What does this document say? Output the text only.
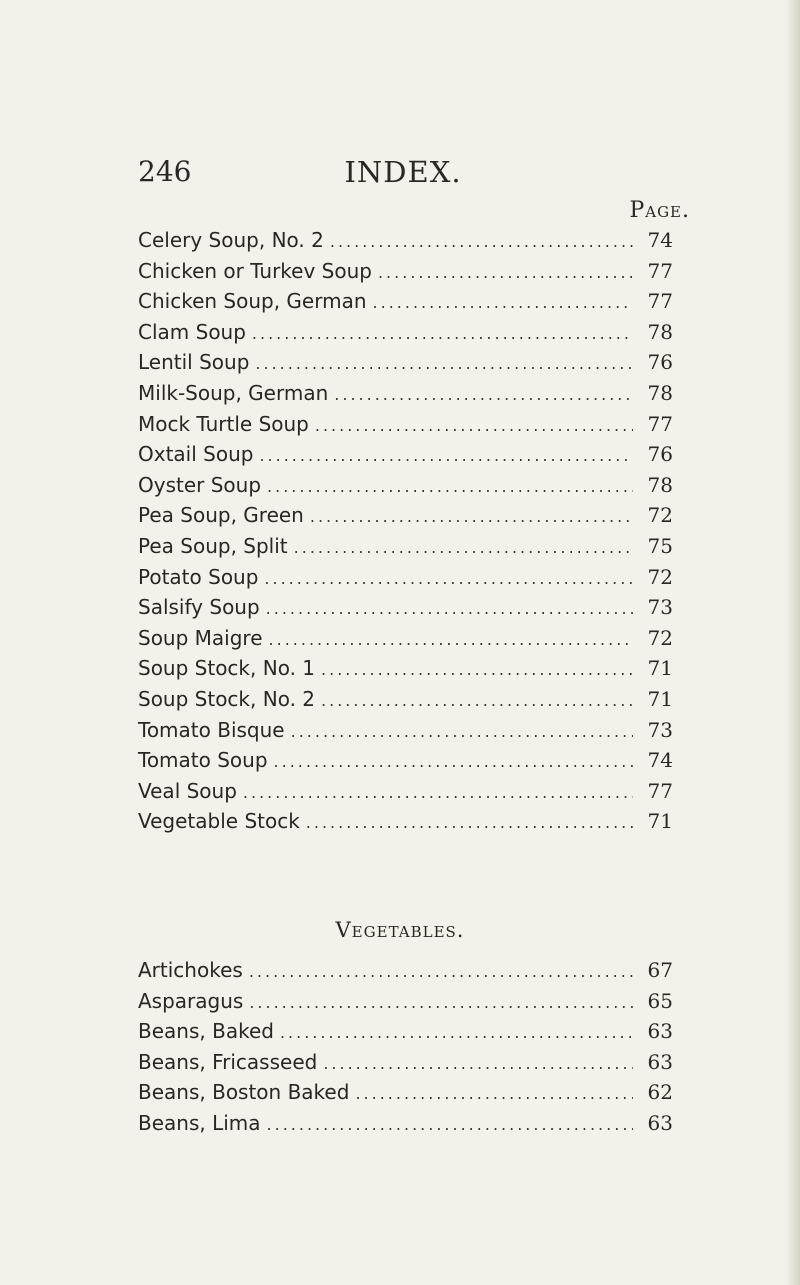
246	INDEX.
Page.
Celery Soup, No. 2 .....	74
Chicken or Turkev Soup .....	77
Chicken Soup, German .....	77
Clam Soup .....	78
Lentil Soup .....	76
Milk-Soup, German .....	78
Mock Turtle Soup .....	77
Oxtail Soup .....	76
Oyster Soup .....	78
Pea Soup, Green .....	72
Pea Soup, Split .....	75
Potato Soup .....	72
Salsify Soup .....	73
Soup Maigre .....	72
Soup Stock, No. 1 .....	71
Soup Stock, No. 2 .....	71
Tomato Bisque .....	73
Tomato Soup .....	74
Veal Soup .....	77
Vegetable Stock .....	71
Vegetables.
Artichokes .....	67
Asparagus .....	65
Beans, Baked .....	63
Beans, Fricasseed .....	63
Beans, Boston Baked .....	62
Beans, Lima .....	63
